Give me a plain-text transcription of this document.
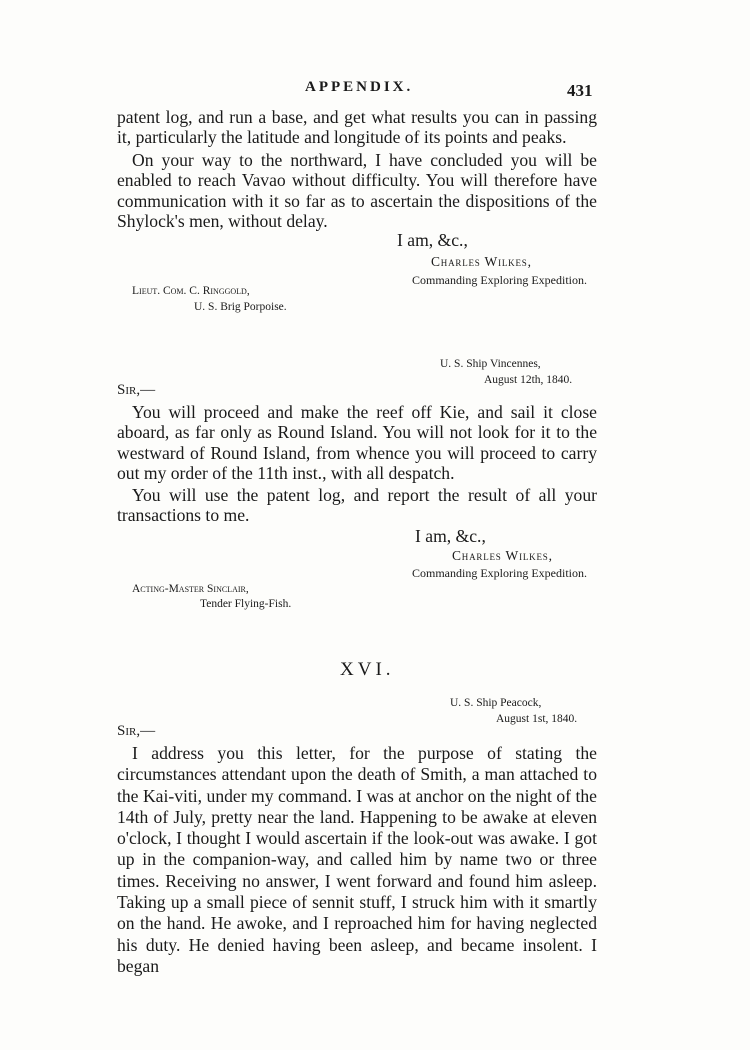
APPENDIX.	431

patent log, and run a base, and get what results you can in passing it, particularly the latitude and longitude of its points and peaks.

On your way to the northward, I have concluded you will be enabled to reach Vavao without difficulty. You will therefore have communication with it so far as to ascertain the dispositions of the Shylock's men, without delay.

I am, &c.,
Charles Wilkes,
Commanding Exploring Expedition.
Lieut. Com. C. Ringgold,
U. S. Brig Porpoise.
U. S. Ship Vincennes,
August 12th, 1840.
Sir,—

You will proceed and make the reef off Kie, and sail it close aboard, as far only as Round Island. You will not look for it to the westward of Round Island, from whence you will proceed to carry out my order of the 11th inst., with all despatch.

You will use the patent log, and report the result of all your transactions to me.

I am, &c.,
Charles Wilkes,
Commanding Exploring Expedition.
Acting-Master Sinclair,
Tender Flying-Fish.
XVI.
U. S. Ship Peacock,
August 1st, 1840.
Sir,—

I address you this letter, for the purpose of stating the circumstances attendant upon the death of Smith, a man attached to the Kai-viti, under my command. I was at anchor on the night of the 14th of July, pretty near the land. Happening to be awake at eleven o'clock, I thought I would ascertain if the look-out was awake. I got up in the companion-way, and called him by name two or three times. Receiving no answer, I went forward and found him asleep. Taking up a small piece of sennit stuff, I struck him with it smartly on the hand. He awoke, and I reproached him for having neglected his duty. He denied having been asleep, and became insolent. I began
